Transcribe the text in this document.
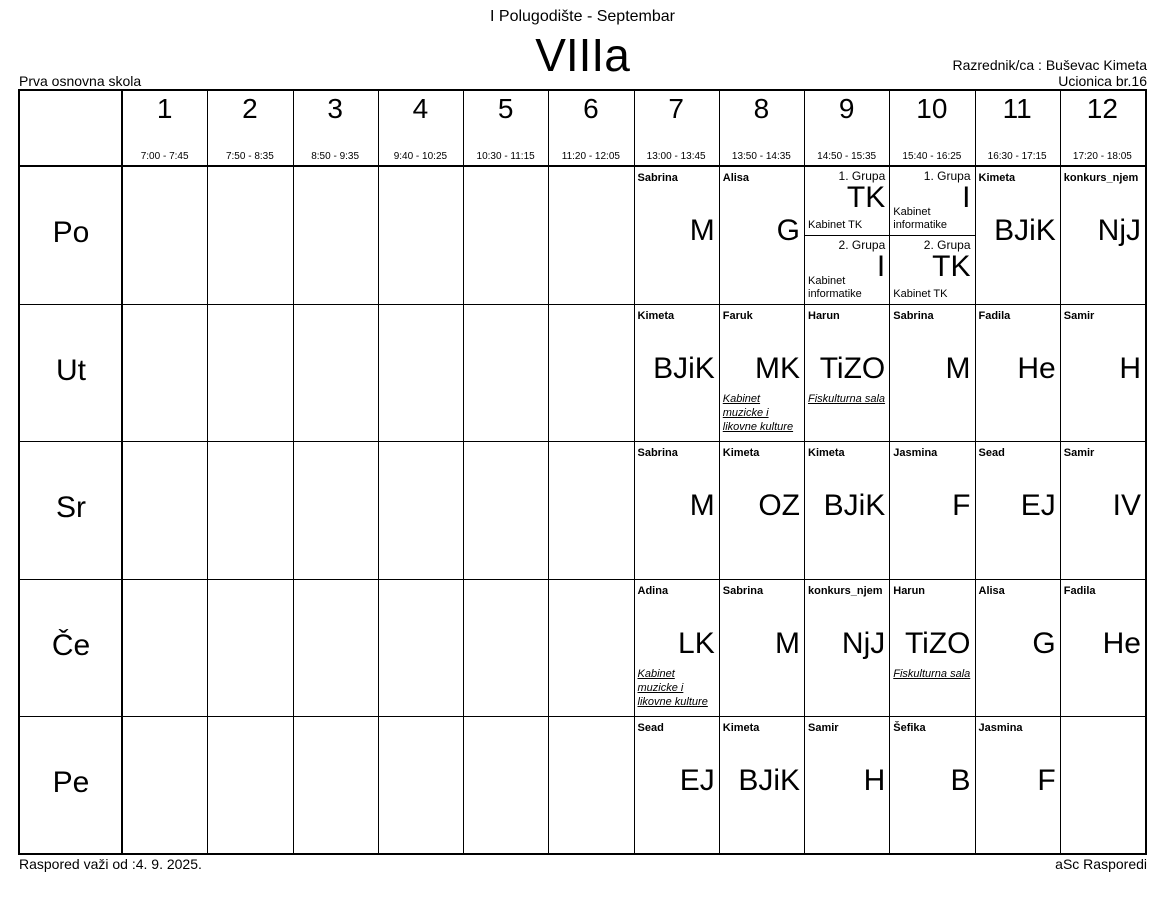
I Polugodište - Septembar
VIIIa
Prva osnovna skola
Razrednik/ca : Buševac Kimeta
Ucionica br.16
1
7:00 - 7:45
2
7:50 - 8:35
3
8:50 - 9:35
4
9:40 - 10:25
5
10:30 - 11:15
6
11:20 - 12:05
7
13:00 - 13:45
8
13:50 - 14:35
9
14:50 - 15:35
10
15:40 - 16:25
11
16:30 - 17:15
12
17:20 - 18:05
Po
Ut
Sr
Če
Pe
Sabrina
M
Alisa
G
1. Grupa
TK
Kabinet TK
2. Grupa
I
Kabinet informatike
1. Grupa
I
Kabinet informatike
2. Grupa
TK
Kabinet TK
Kimeta
BJiK
konkurs_njem
NjJ
Kimeta
BJiK
Faruk
MK
Kabinet muzicke i likovne kulture
Harun
TiZO
Fiskulturna sala
Sabrina
M
Fadila
He
Samir
H
Sabrina
M
Kimeta
OZ
Kimeta
BJiK
Jasmina
F
Sead
EJ
Samir
IV
Adina
LK
Kabinet muzicke i likovne kulture
Sabrina
M
konkurs_njem
NjJ
Harun
TiZO
Fiskulturna sala
Alisa
G
Fadila
He
Sead
EJ
Kimeta
BJiK
Samir
H
Šefika
B
Jasmina
F
Raspored važi od :4. 9. 2025.	aSc Rasporedi
